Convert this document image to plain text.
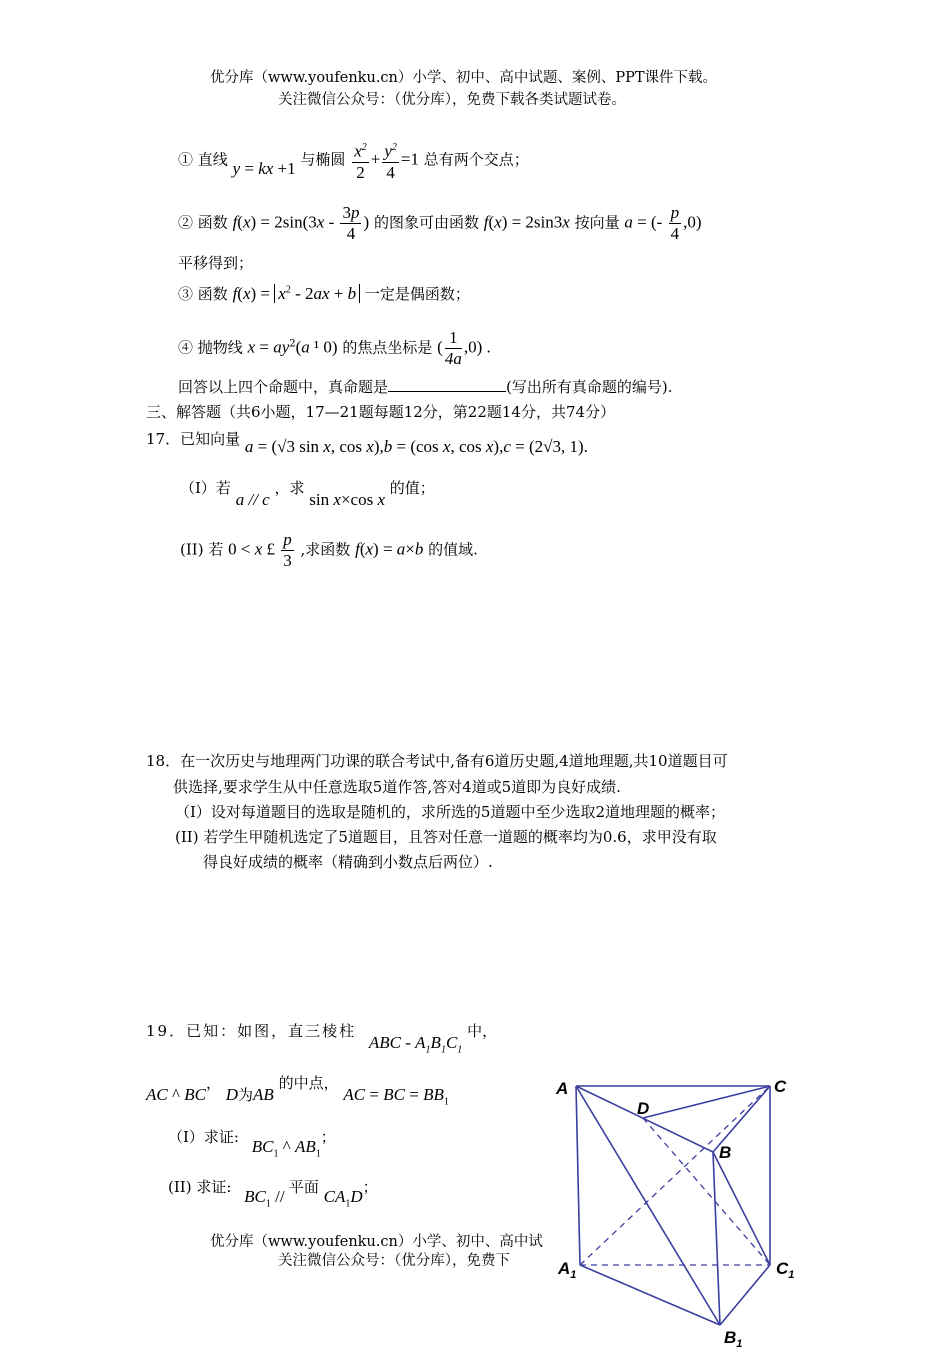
优分库（www.youfenku.cn）小学、初中、高中试题、案例、PPT课件下载。
关注微信公众号：（优分库），免费下载各类试题试卷。
① 直线 y = kx +1 与椭圆 $\frac{x^2}{2} + \frac{y^2}{4} =1$ 总有两个交点；
② 函数 $f(x) = 2\sin(3x - \frac{3p}{4}$ ) 的图象可由函数 f(x) = 2sin3x 按向量 a = (- $\frac{p}{4} ,0$)
平移得到；
③ 函数 $f(x) = x^2 - 2ax + b$ 一定是偶函数；
④ 抛物线 $x = ay^2(a$ ¹ 0) 的焦点坐标是 ( $\frac{1}{4a} ,0$) .
回答以上四个命题中，真命题是	(写出所有真命题的编号).
三、解答题（共6小题，17—21题每题12分，第22题14分，共74分）
17．已知向量 a = (√3 sin x, cos x),b = (cos x, cos x),c = (2√3, 1).
（I）若 a // c ，求 sin x×cos x 的值；
(II) 若 0 < x £ $\frac{p}{3}$ ,求函数 f(x) = a×b 的值域.
18．在一次历史与地理两门功课的联合考试中,备有6道历史题,4道地理题,共10道题目可
供选择,要求学生从中任意选取5道作答,答对4道或5道即为良好成绩.
（I）设对每道题目的选取是随机的，求所选的5道题中至少选取2道地理题的概率；
(II) 若学生甲随机选定了5道题目，且答对任意一道题的概率均为0.6，求甲没有取
得良好成绩的概率（精确到小数点后两位）.
19．已知：如图，直三棱柱 ABC - $A_1B_1C_1$ 中，
AC ^ BC， D为AB 的中点， AC = BC = $BB_1$
（I）求证: $BC_1$ ^ $AB_1$；
(II) 求证: $BC_1$ // 平面 $CA_1D$；
优分库（www.youfenku.cn）小学、初中、高中试
关注微信公众号：（优分库），免费下
A	C
D
B
$A_1$	$C_1$
$B_1$
